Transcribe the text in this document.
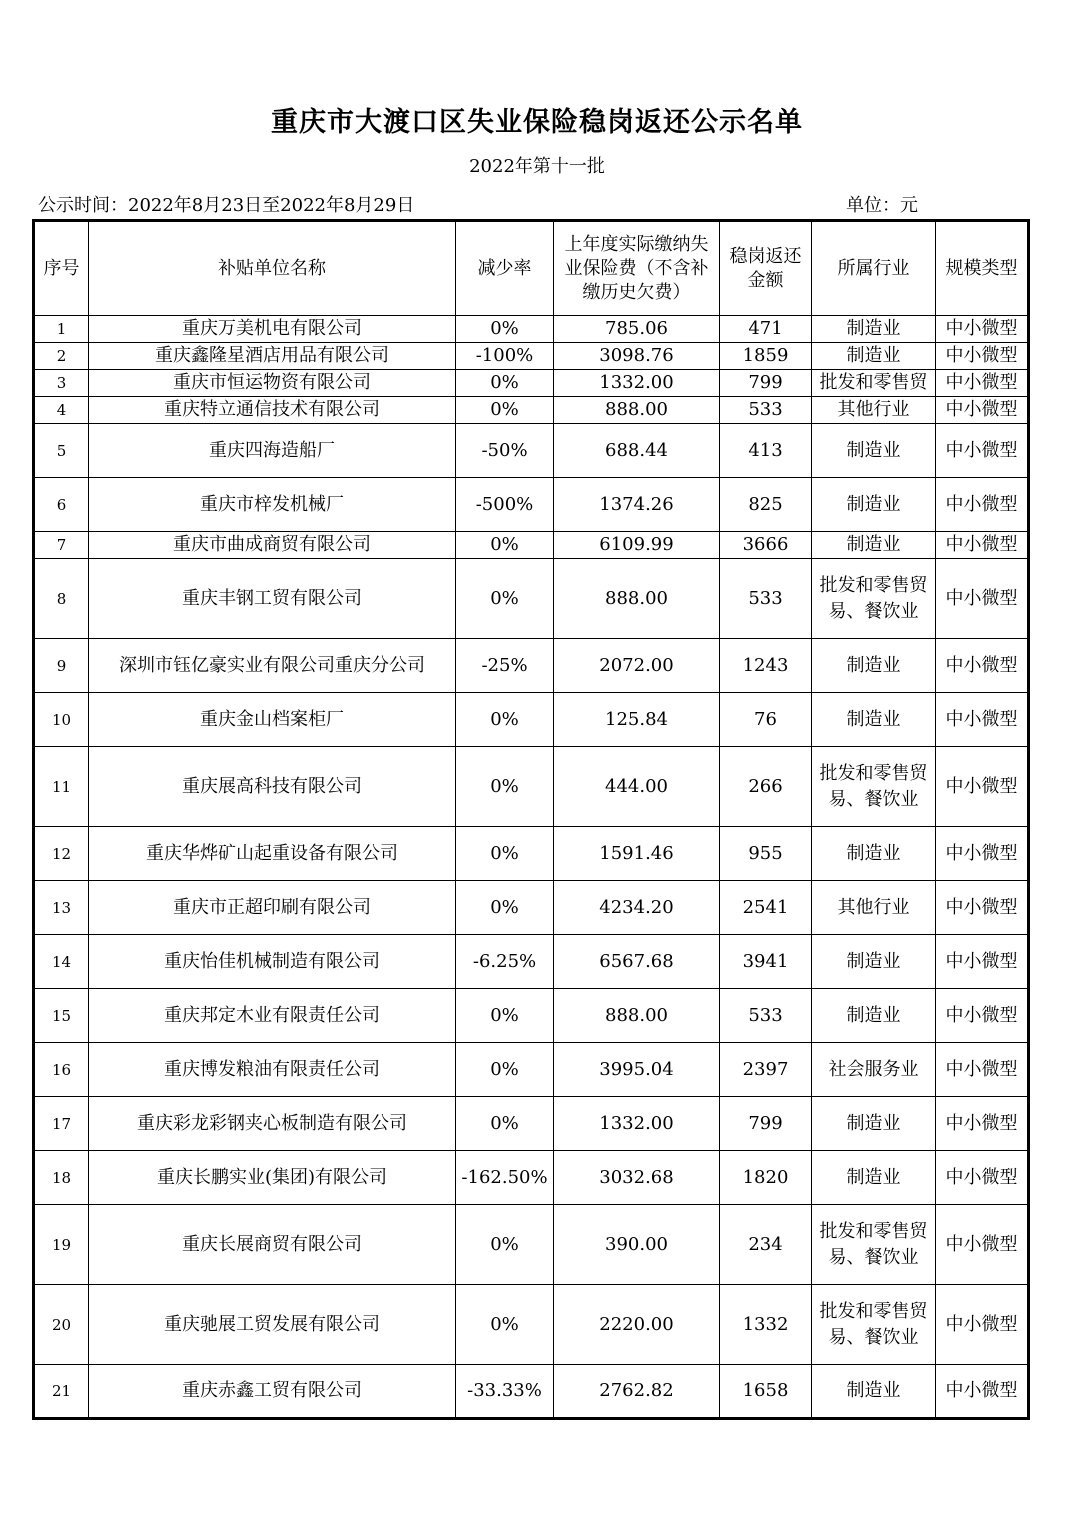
重庆市大渡口区失业保险稳岗返还公示名单
2022年第十一批
公示时间：2022年8月23日至2022年8月29日	单位：元
序号	补贴单位名称	减少率	上年度实际缴纳失业保险费（不含补缴历史欠费）	稳岗返还金额	所属行业	规模类型

1	重庆万美机电有限公司	0%	785.06	471	制造业	中小微型

2	重庆鑫隆星酒店用品有限公司	-100%	3098.76	1859	制造业	中小微型

3	重庆市恒运物资有限公司	0%	1332.00	799	批发和零售贸	中小微型

4	重庆特立通信技术有限公司	0%	888.00	533	其他行业	中小微型

5	重庆四海造船厂	-50%	688.44	413	制造业	中小微型

6	重庆市梓发机械厂	-500%	1374.26	825	制造业	中小微型

7	重庆市曲成商贸有限公司	0%	6109.99	3666	制造业	中小微型

8	重庆丰钢工贸有限公司	0%	888.00	533	批发和零售贸易、餐饮业	中小微型

9	深圳市钰亿豪实业有限公司重庆分公司	-25%	2072.00	1243	制造业	中小微型

10	重庆金山档案柜厂	0%	125.84	76	制造业	中小微型

11	重庆展高科技有限公司	0%	444.00	266	批发和零售贸易、餐饮业	中小微型

12	重庆华烨矿山起重设备有限公司	0%	1591.46	955	制造业	中小微型

13	重庆市正超印刷有限公司	0%	4234.20	2541	其他行业	中小微型

14	重庆怡佳机械制造有限公司	-6.25%	6567.68	3941	制造业	中小微型

15	重庆邦定木业有限责任公司	0%	888.00	533	制造业	中小微型

16	重庆博发粮油有限责任公司	0%	3995.04	2397	社会服务业	中小微型

17	重庆彩龙彩钢夹心板制造有限公司	0%	1332.00	799	制造业	中小微型

18	重庆长鹏实业(集团)有限公司	-162.50%	3032.68	1820	制造业	中小微型

19	重庆长展商贸有限公司	0%	390.00	234	批发和零售贸易、餐饮业	中小微型

20	重庆驰展工贸发展有限公司	0%	2220.00	1332	批发和零售贸易、餐饮业	中小微型

21	重庆赤鑫工贸有限公司	-33.33%	2762.82	1658	制造业	中小微型
